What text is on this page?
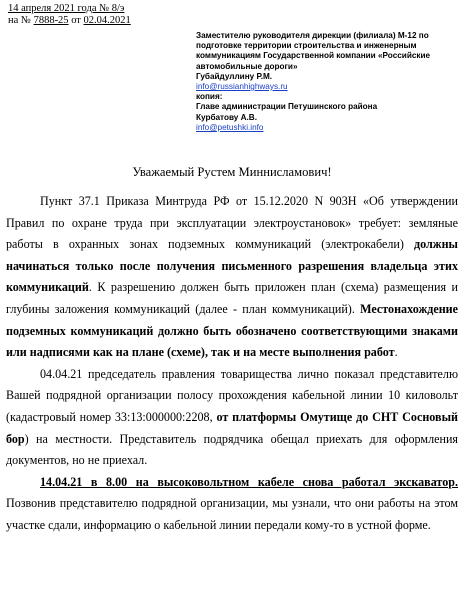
14 апреля 2021 года № 8/э
на № 7888-25 от 02.04.2021
Заместителю руководителя дирекции (филиала) М-12 по
подготовке территории строительства и инженерным
коммуникациям Государственной компании «Российские
автомобильные дороги»
Губайдуллину Р.М.
info@russianhighways.ru
копия:
Главе администрации Петушинского района
Курбатову А.В.
info@petushki.info
Уважаемый Рустем Миннисламович!

Пункт 37.1 Приказа Минтруда РФ от 15.12.2020 N 903Н «Об утверждении Правил по охране труда при эксплуатации электроустановок» требует: земляные работы в охранных зонах подземных коммуникаций (электрокабели) должны начинаться только после получения письменного разрешения владельца этих коммуникаций. К разрешению должен быть приложен план (схема) размещения и глубины заложения коммуникаций (далее - план коммуникаций). Местонахождение подземных коммуникаций должно быть обозначено соответствующими знаками или надписями как на плане (схеме), так и на месте выполнения работ.

04.04.21 председатель правления товарищества лично показал представителю Вашей подрядной организации полосу прохождения кабельной линии 10 киловольт (кадастровый номер 33:13:000000:2208, от платформы Омутище до СНТ Сосновый бор) на местности. Представитель подрядчика обещал приехать для оформления документов, но не приехал.

14.04.21 в 8.00 на высоковольтном кабеле снова работал экскаватор. Позвонив представителю подрядной организации, мы узнали, что они работы на этом участке сдали, информацию о кабельной линии передали кому-то в устной форме.
